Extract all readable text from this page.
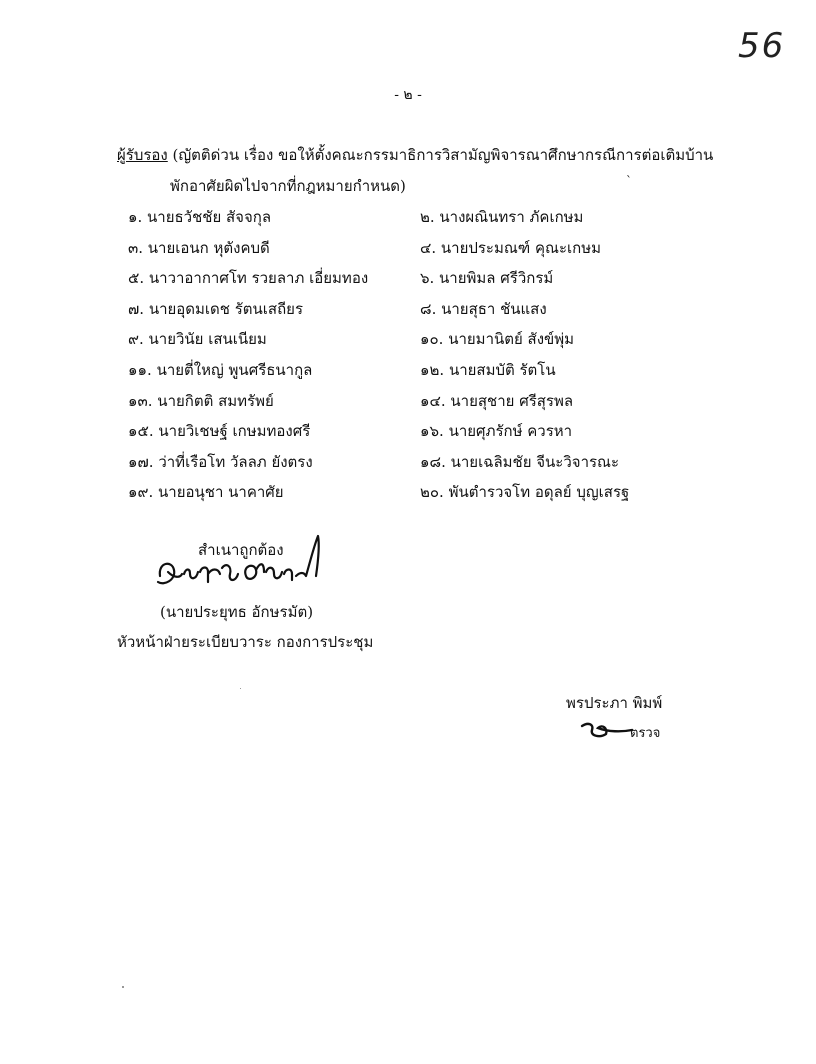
56
- ๒ -
ผู้รับรอง (ญัตติด่วน เรื่อง ขอให้ตั้งคณะกรรมาธิการวิสามัญพิจารณาศึกษากรณีการต่อเติมบ้าน
พักอาศัยผิดไปจากที่กฎหมายกำหนด)	`
๑. นายธวัชชัย สัจจกุล	๒. นางผณินทรา ภัคเกษม
๓. นายเอนก หุตังคบดี	๔. นายประมณฑ์ คุณะเกษม
๕. นาวาอากาศโท รวยลาภ เอี่ยมทอง	๖. นายพิมล ศรีวิกรม์
๗. นายอุดมเดช รัตนเสถียร	๘. นายสุธา ชันแสง
๙. นายวินัย เสนเนียม	๑๐. นายมานิตย์ สังข์พุ่ม
๑๑. นายตี่ใหญ่ พูนศรีธนากูล	๑๒. นายสมบัติ รัตโน
๑๓. นายกิตติ สมทรัพย์	๑๔. นายสุชาย ศรีสุรพล
๑๕. นายวิเชษฐ์ เกษมทองศรี	๑๖. นายศุภรักษ์ ควรหา
๑๗. ว่าที่เรือโท วัลลภ ยังตรง	๑๘. นายเฉลิมชัย จีนะวิจารณะ
๑๙. นายอนุชา นาคาศัย	๒๐. พันตำรวจโท อดุลย์ บุญเสรฐ
สำเนาถูกต้อง
(นายประยุทธ อักษรมัต)
หัวหน้าฝ่ายระเบียบวาระ กองการประชุม
พรประภา พิมพ์
ตรวจ
